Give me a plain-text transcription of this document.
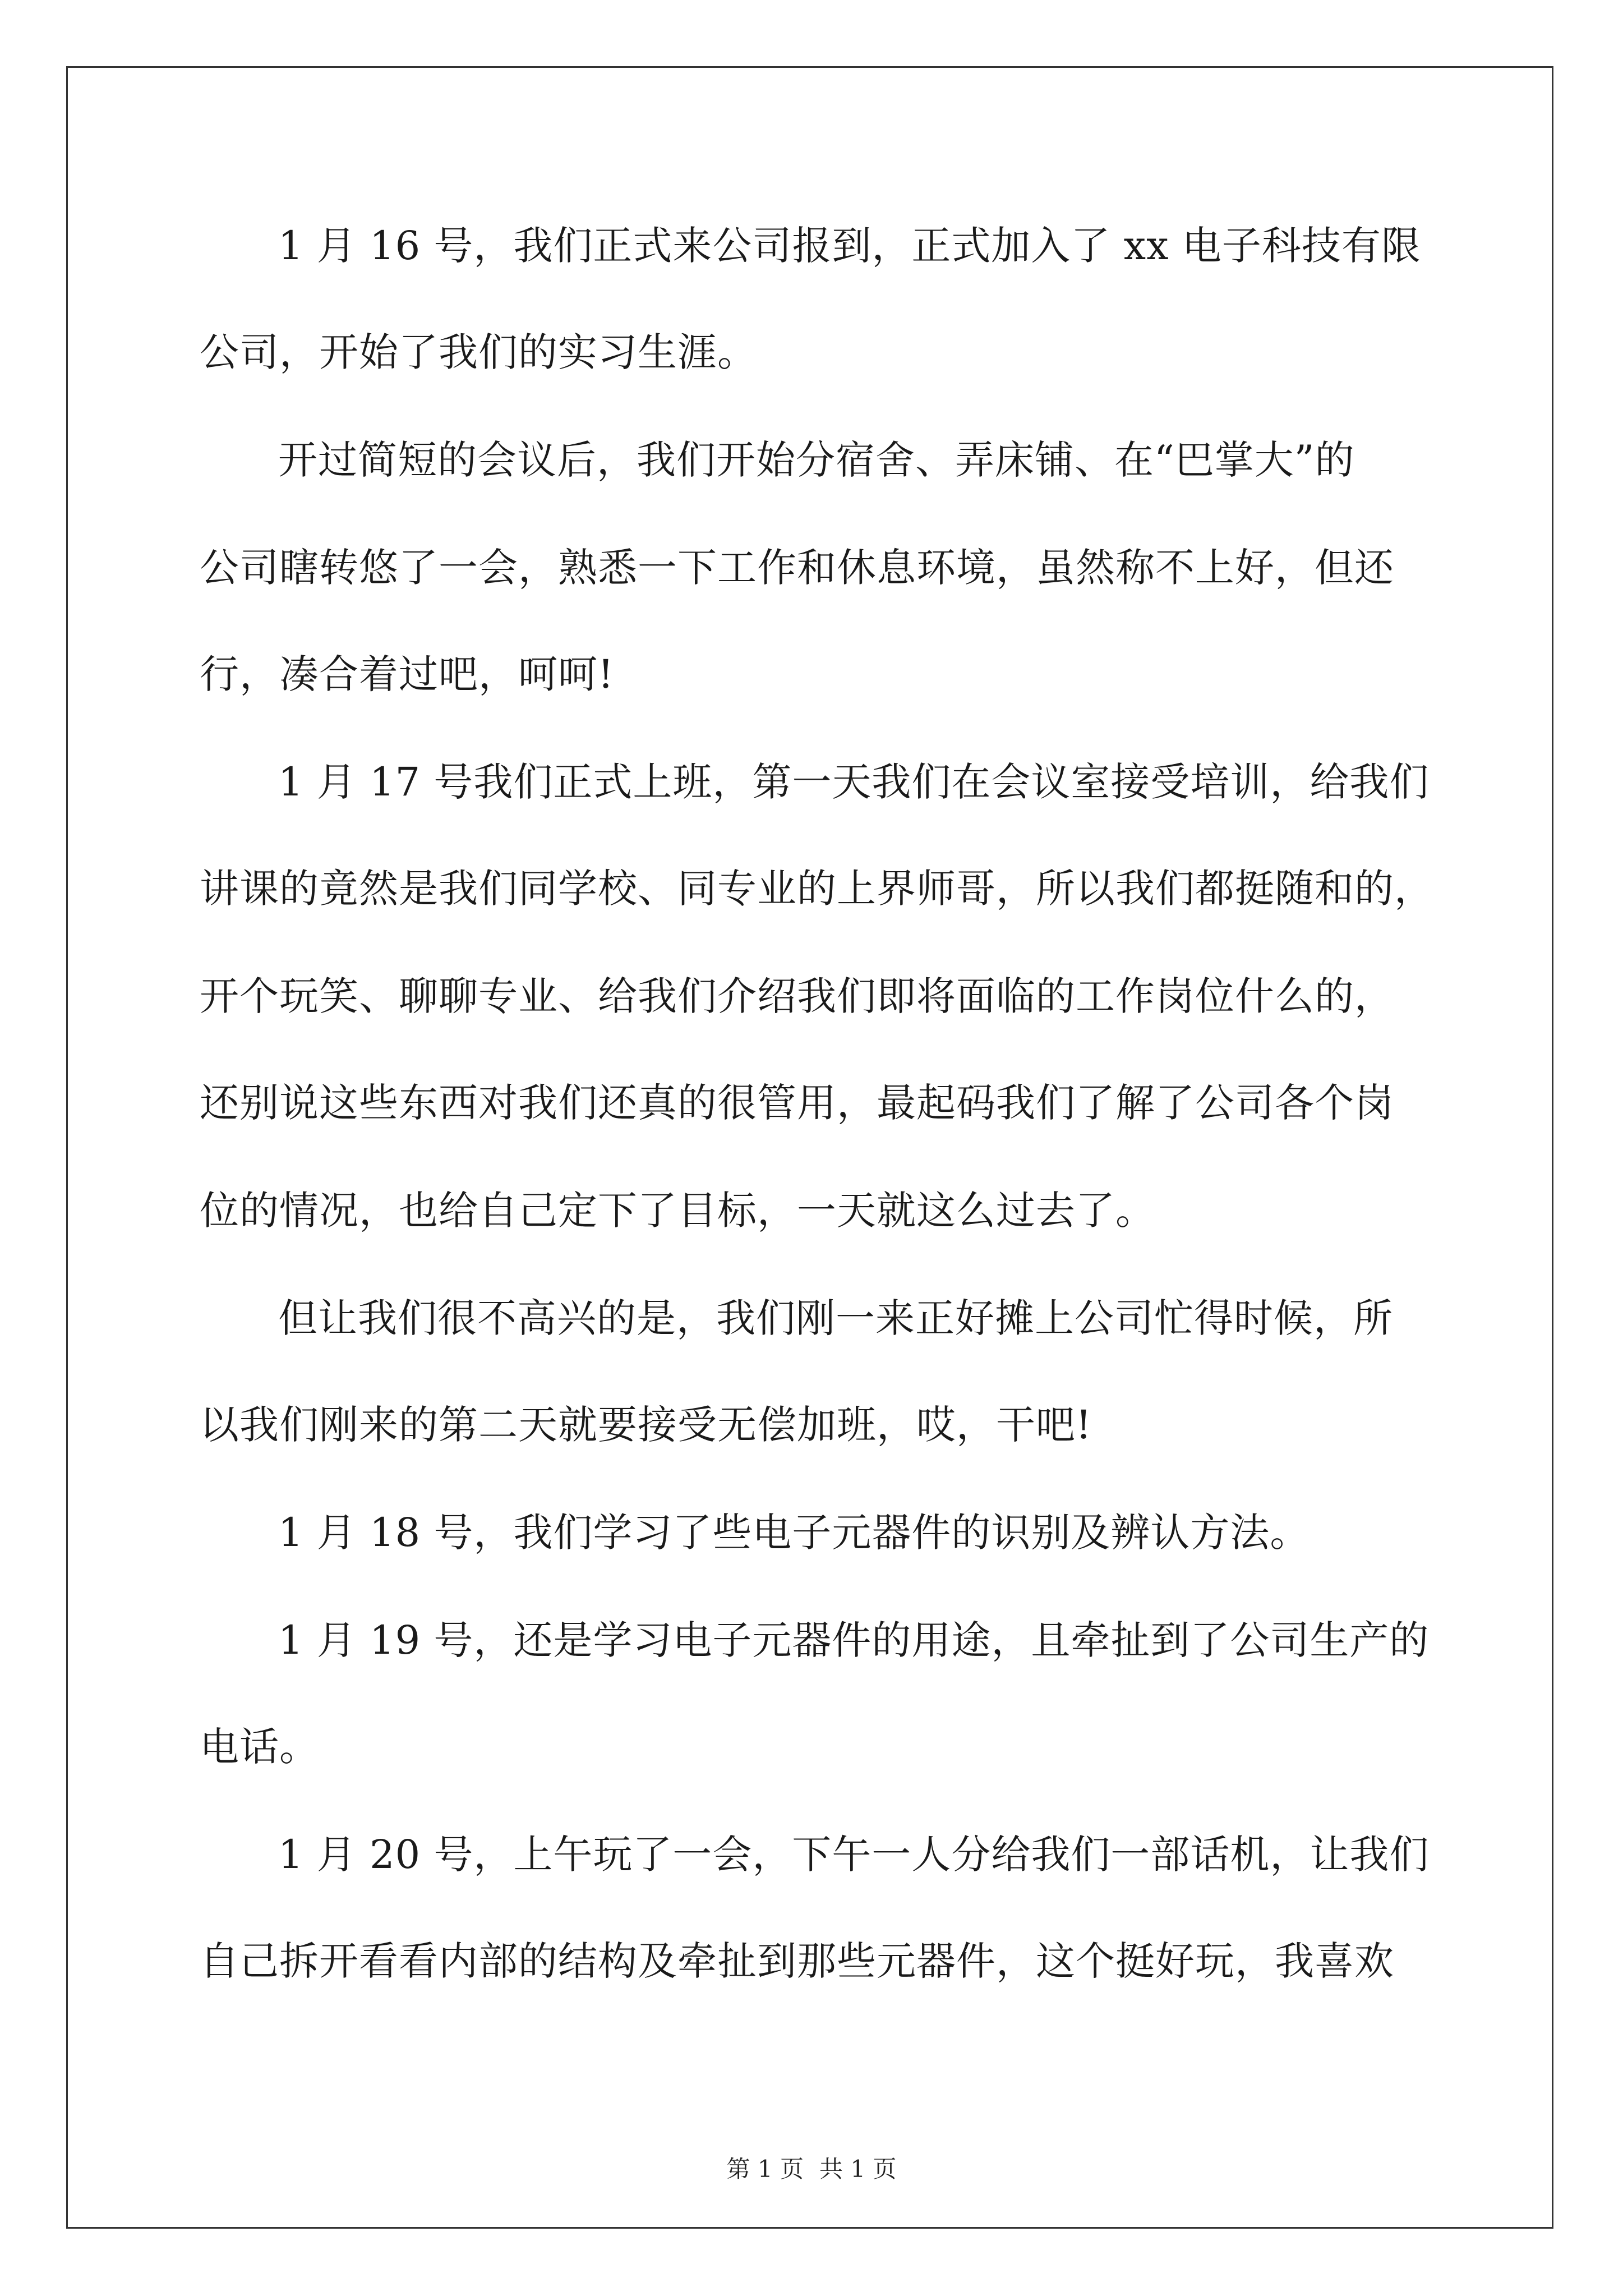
1 月 16 号，我们正式来公司报到，正式加入了 xx 电子科技有限
公司，开始了我们的实习生涯。
开过简短的会议后，我们开始分宿舍、弄床铺、在“巴掌大”的
公司瞎转悠了一会，熟悉一下工作和休息环境，虽然称不上好，但还
行，凑合着过吧，呵呵!
1 月 17 号我们正式上班，第一天我们在会议室接受培训，给我们
讲课的竟然是我们同学校、同专业的上界师哥，所以我们都挺随和的，
开个玩笑、聊聊专业、给我们介绍我们即将面临的工作岗位什么的，
还别说这些东西对我们还真的很管用，最起码我们了解了公司各个岗
位的情况，也给自己定下了目标，一天就这么过去了。
但让我们很不高兴的是，我们刚一来正好摊上公司忙得时候，所
以我们刚来的第二天就要接受无偿加班，哎，干吧!
1 月 18 号，我们学习了些电子元器件的识别及辨认方法。
1 月 19 号，还是学习电子元器件的用途，且牵扯到了公司生产的
电话。
1 月 20 号，上午玩了一会，下午一人分给我们一部话机，让我们
自己拆开看看内部的结构及牵扯到那些元器件，这个挺好玩，我喜欢
第 1 页 共 1 页
